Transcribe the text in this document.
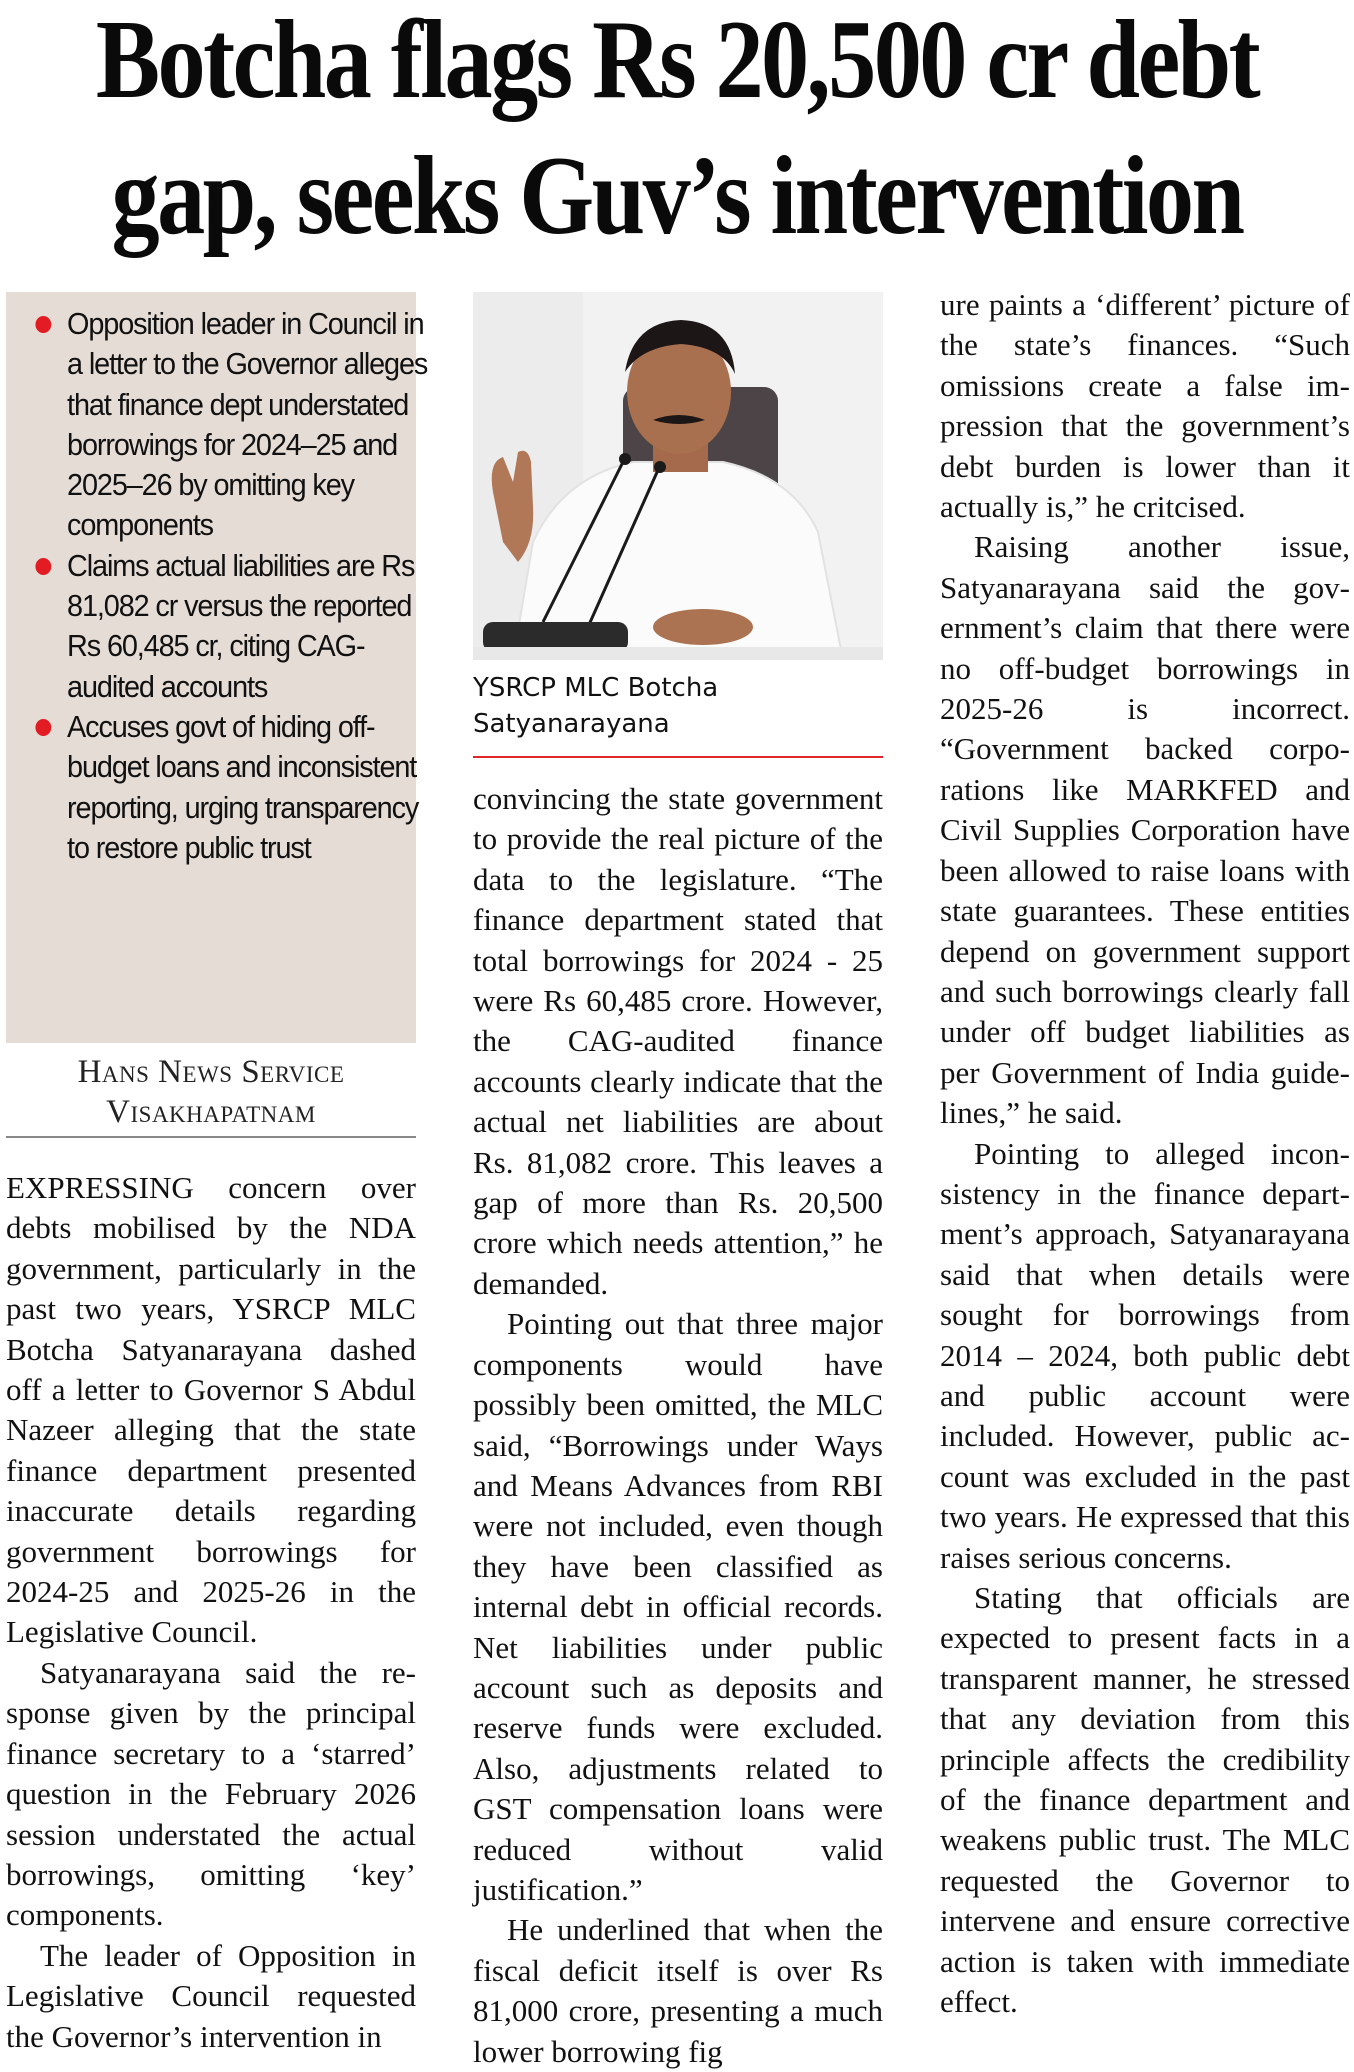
Botcha flags Rs 20,500 cr debt
gap, seeks Guv’s intervention
Opposition leader in Council in a letter to the Governor alleges that finance dept understated borrowings for 2024–25 and 2025–26 by omitting key components
Claims actual liabilities are Rs 81,082 cr versus the reported Rs 60,485 cr, citing CAG-audited accounts
Accuses govt of hiding off-budget loans and inconsistent reporting, urging transparency to restore public trust
Hans News Service
Visakhapatnam

EXPRESSING concern over debts mobilised by the NDA government, particularly in the past two years, YSRCP MLC Botcha Satyanarayana dashed off a letter to Governor S Abdul Nazeer alleging that the state finance department presented inaccurate details regarding government borrowings for 2024-25 and 2025-26 in the Legislative Council.

Satyanarayana said the response given by the principal finance secretary to a ‘starred’ question in the February 2026 session understated the actual borrowings, omitting ‘key’ components.

The leader of Opposition in Legislative Council requested the Governor’s intervention in

YSRCP MLC Botcha Satyanarayana

convincing the state government to provide the real picture of the data to the legislature. “The finance department stated that total borrowings for 2024 - 25 were Rs 60,485 crore. However, the CAG-audited finance accounts clearly indicate that the actual net liabilities are about Rs. 81,082 crore. This leaves a gap of more than Rs. 20,500 crore which needs attention,” he demanded.

Pointing out that three major components would have possibly been omitted, the MLC said, “Borrowings under Ways and Means Advances from RBI were not included, even though they have been classified as internal debt in official records. Net liabilities under public account such as deposits and reserve funds were excluded. Also, adjustments related to GST compensation loans were reduced without valid justification.”

He underlined that when the fiscal deficit itself is over Rs 81,000 crore, presenting a much lower borrowing fig

ure paints a ‘different’ picture of the state’s finances. “Such omissions create a false impression that the government’s debt burden is lower than it actually is,” he critcised.

Raising another issue, Satyanarayana said the government’s claim that there were no off-budget borrowings in 2025-26 is incorrect. “Government backed corporations like MARKFED and Civil Supplies Corporation have been allowed to raise loans with state guarantees. These entities depend on government support and such borrowings clearly fall under off budget liabilities as per Government of India guidelines,” he said.

Pointing to alleged inconsistency in the finance department’s approach, Satyanarayana said that when details were sought for borrowings from 2014 – 2024, both public debt and public account were included. However, public account was excluded in the past two years. He expressed that this raises serious concerns.

Stating that officials are expected to present facts in a transparent manner, he stressed that any deviation from this principle affects the credibility of the finance department and weakens public trust. The MLC requested the Governor to intervene and ensure corrective action is taken with immediate effect.
